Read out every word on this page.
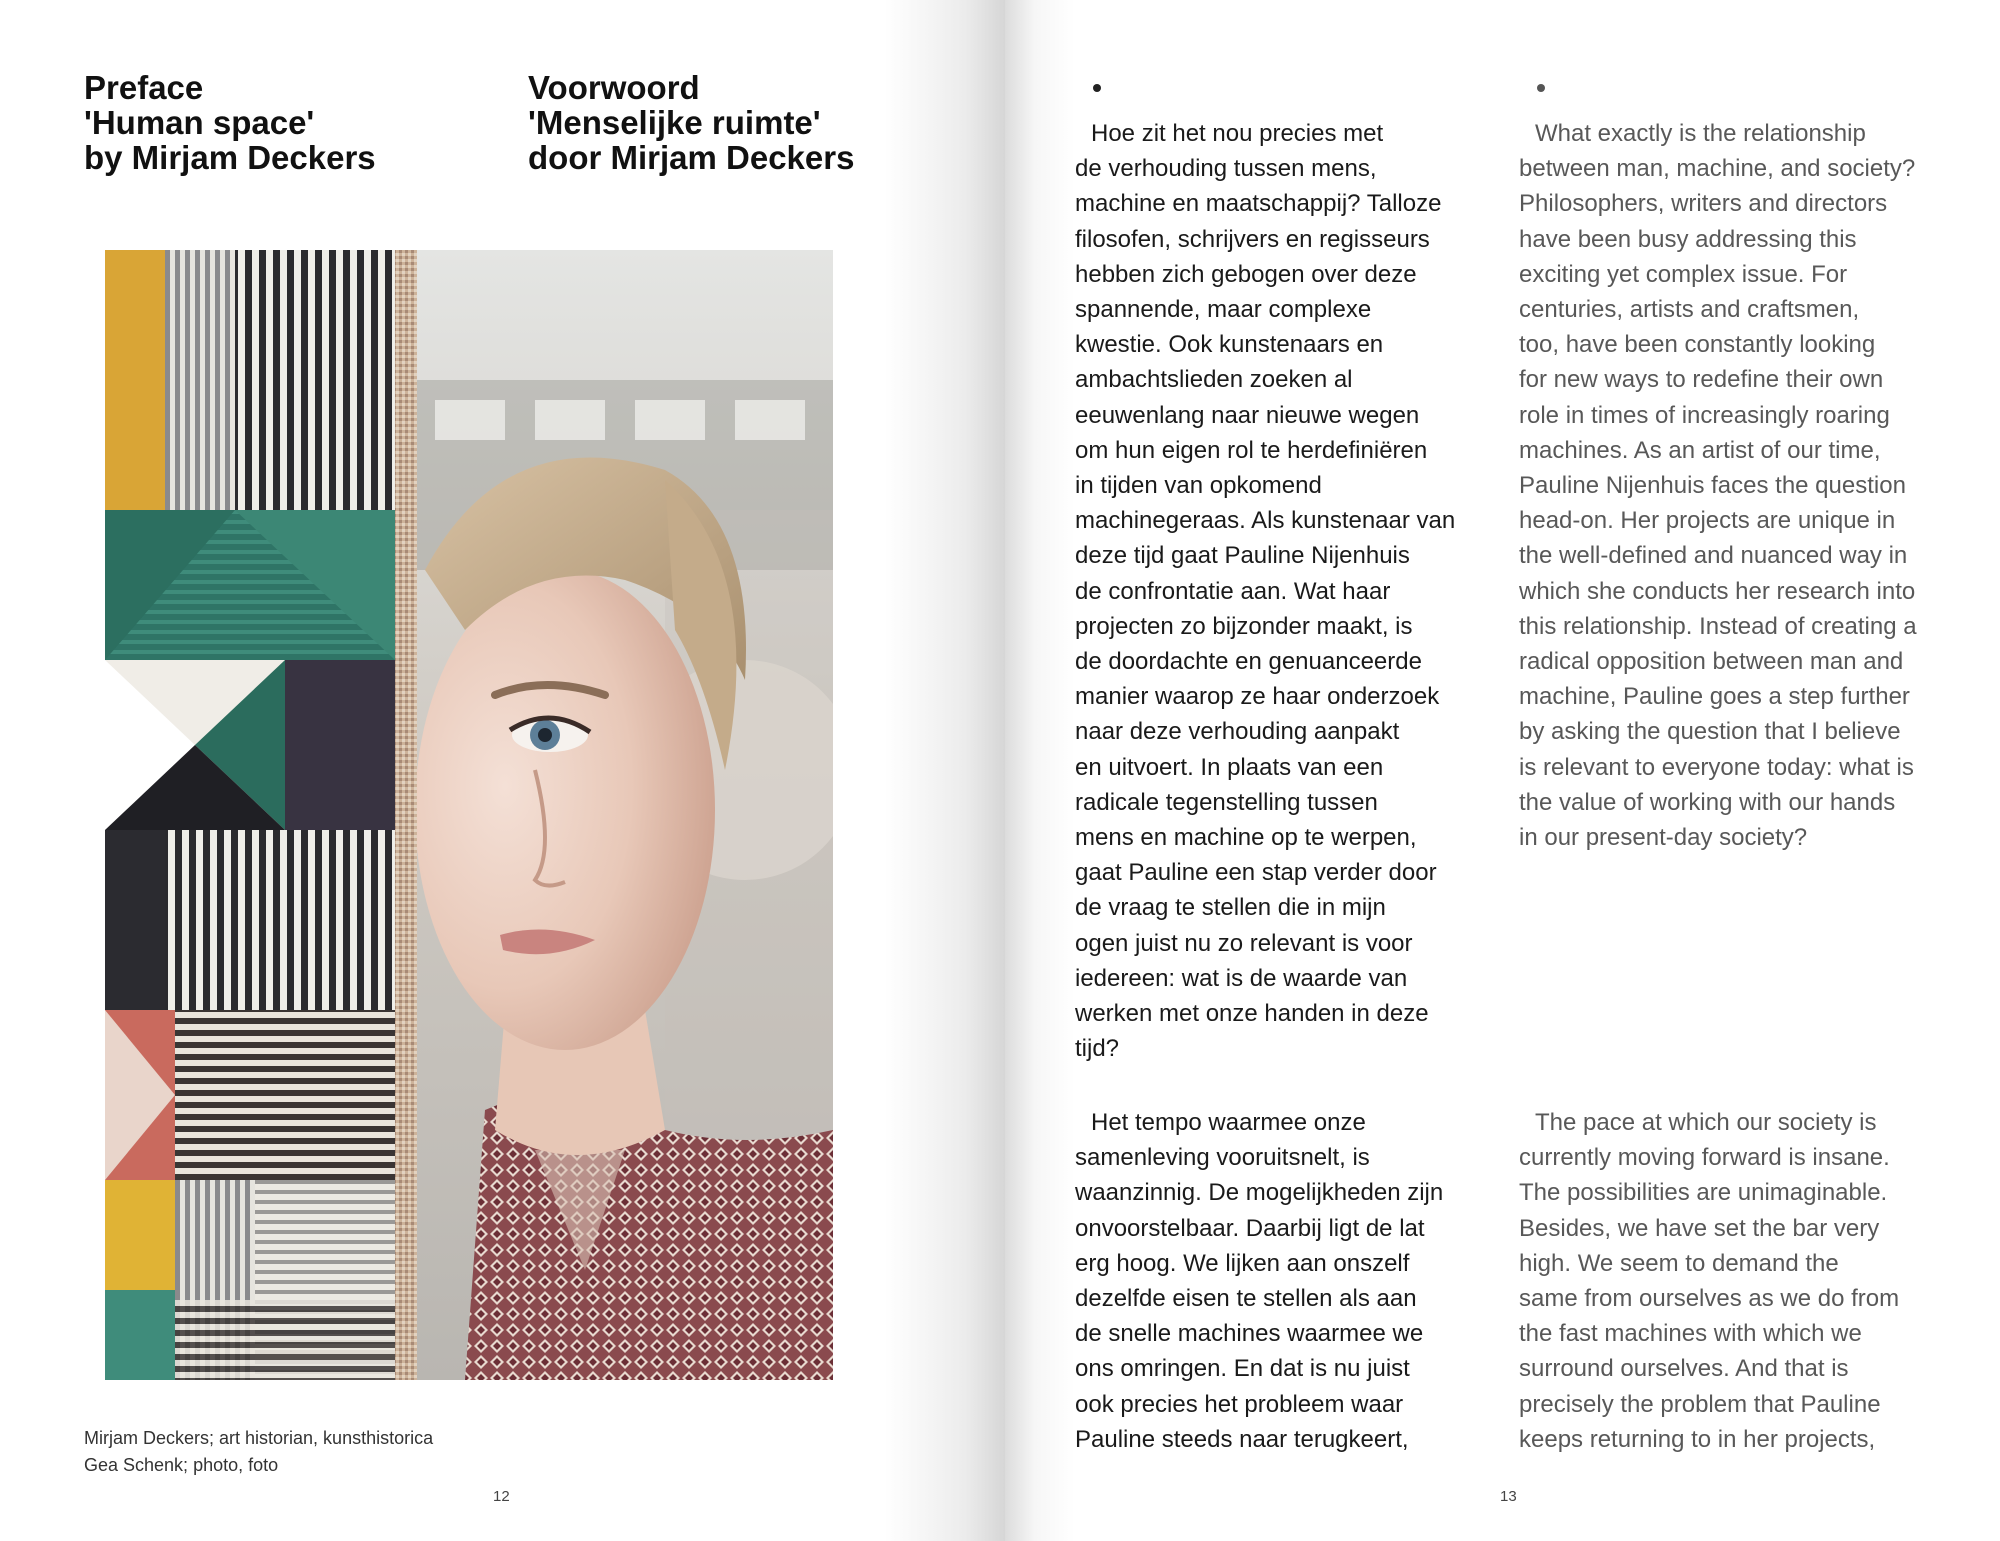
Preface
'Human space'
by Mirjam Deckers
Voorwoord
'Menselijke ruimte'
door Mirjam Deckers
Mirjam Deckers; art historian, kunsthistorica
Gea Schenk; photo, foto
12
Hoe zit het nou precies met
de verhouding tussen mens,
machine en maatschappij? Talloze
filosofen, schrijvers en regisseurs
hebben zich gebogen over deze
spannende, maar complexe
kwestie. Ook kunstenaars en
ambachtslieden zoeken al
eeuwenlang naar nieuwe wegen
om hun eigen rol te herdefiniëren
in tijden van opkomend
machinegeraas. Als kunstenaar van
deze tijd gaat Pauline Nijenhuis
de confrontatie aan. Wat haar
projecten zo bijzonder maakt, is
de doordachte en genuanceerde
manier waarop ze haar onderzoek
naar deze verhouding aanpakt
en uitvoert. In plaats van een
radicale tegenstelling tussen
mens en machine op te werpen,
gaat Pauline een stap verder door
de vraag te stellen die in mijn
ogen juist nu zo relevant is voor
iedereen: wat is de waarde van
werken met onze handen in deze
tijd?
What exactly is the relationship
between man, machine, and society?
Philosophers, writers and directors
have been busy addressing this
exciting yet complex issue. For
centuries, artists and craftsmen,
too, have been constantly looking
for new ways to redefine their own
role in times of increasingly roaring
machines. As an artist of our time,
Pauline Nijenhuis faces the question
head-on. Her projects are unique in
the well-defined and nuanced way in
which she conducts her research into
this relationship. Instead of creating a
radical opposition between man and
machine, Pauline goes a step further
by asking the question that I believe
is relevant to everyone today: what is
the value of working with our hands
in our present-day society?
Het tempo waarmee onze
samenleving vooruitsnelt, is
waanzinnig. De mogelijkheden zijn
onvoorstelbaar. Daarbij ligt de lat
erg hoog. We lijken aan onszelf
dezelfde eisen te stellen als aan
de snelle machines waarmee we
ons omringen. En dat is nu juist
ook precies het probleem waar
Pauline steeds naar terugkeert,
The pace at which our society is
currently moving forward is insane.
The possibilities are unimaginable.
Besides, we have set the bar very
high. We seem to demand the
same from ourselves as we do from
the fast machines with which we
surround ourselves. And that is
precisely the problem that Pauline
keeps returning to in her projects,
13
